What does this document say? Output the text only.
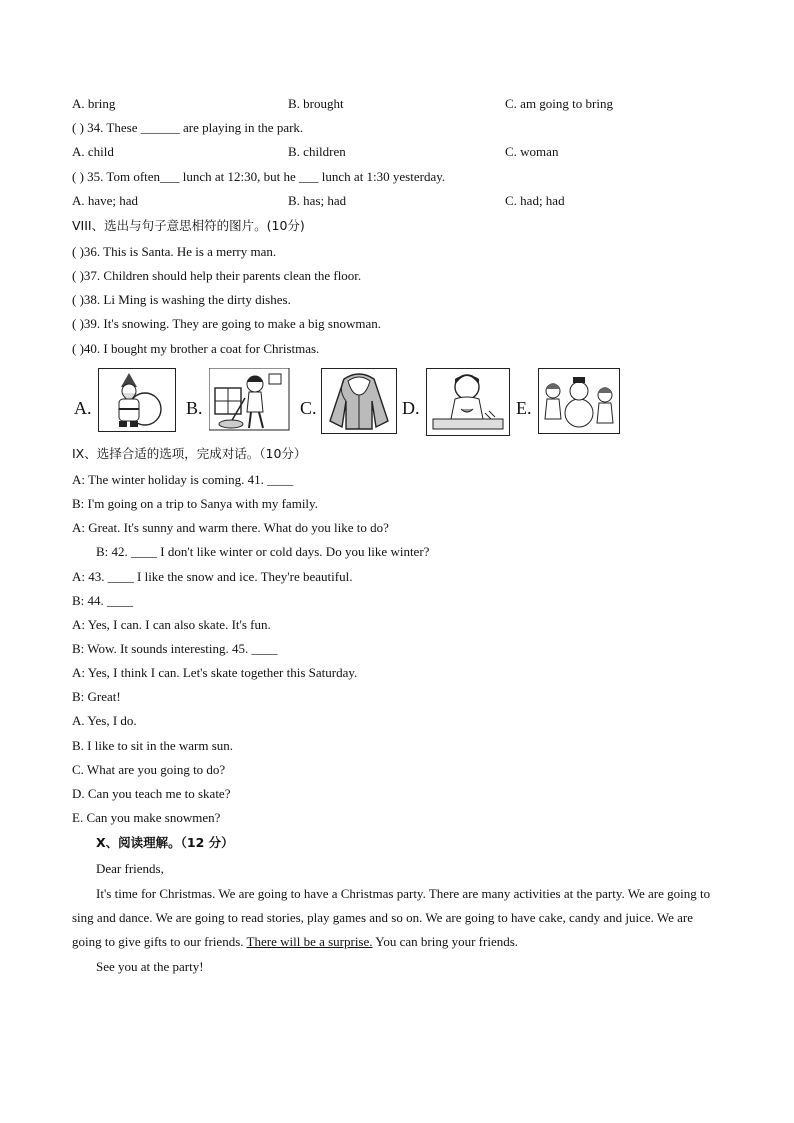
A. bring	B. brought	C. am going to bring
( ) 34. These ______ are playing in the park.
A. child	B. children	C. woman
( ) 35. Tom often___ lunch at 12:30, but he ___ lunch at 1:30 yesterday.
A. have; had	B. has; had	C. had; had
VIII、选出与句子意思相符的图片。(10分)
( )36. This is Santa. He is a merry man.
( )37. Children should help their parents clean the floor.
( )38. Li Ming is washing the dirty dishes.
( )39. It's snowing. They are going to make a big snowman.
( )40. I bought my brother a coat for Christmas.
A.	B.	C.	D.	E.
IX、选择合适的选项，完成对话。（10分）
A: The winter holiday is coming. 41. ____
B: I'm going on a trip to Sanya with my family.
A: Great. It's sunny and warm there. What do you like to do?
B: 42. ____ I don't like winter or cold days. Do you like winter?
A: 43. ____ I like the snow and ice. They're beautiful.
B: 44. ____
A: Yes, I can. I can also skate. It's fun.
B: Wow. It sounds interesting. 45. ____
A: Yes, I think I can. Let's skate together this Saturday.
B: Great!
A. Yes, I do.
B. I like to sit in the warm sun.
C. What are you going to do?
D. Can you teach me to skate?
E. Can you make snowmen?
X、阅读理解。（12 分）
Dear friends,
It's time for Christmas. We are going to have a Christmas party. There are many activities at the party. We are going to sing and dance. We are going to read stories, play games and so on. We are going to have cake, candy and juice. We are going to give gifts to our friends. There will be a surprise. You can bring your friends.
See you at the party!
